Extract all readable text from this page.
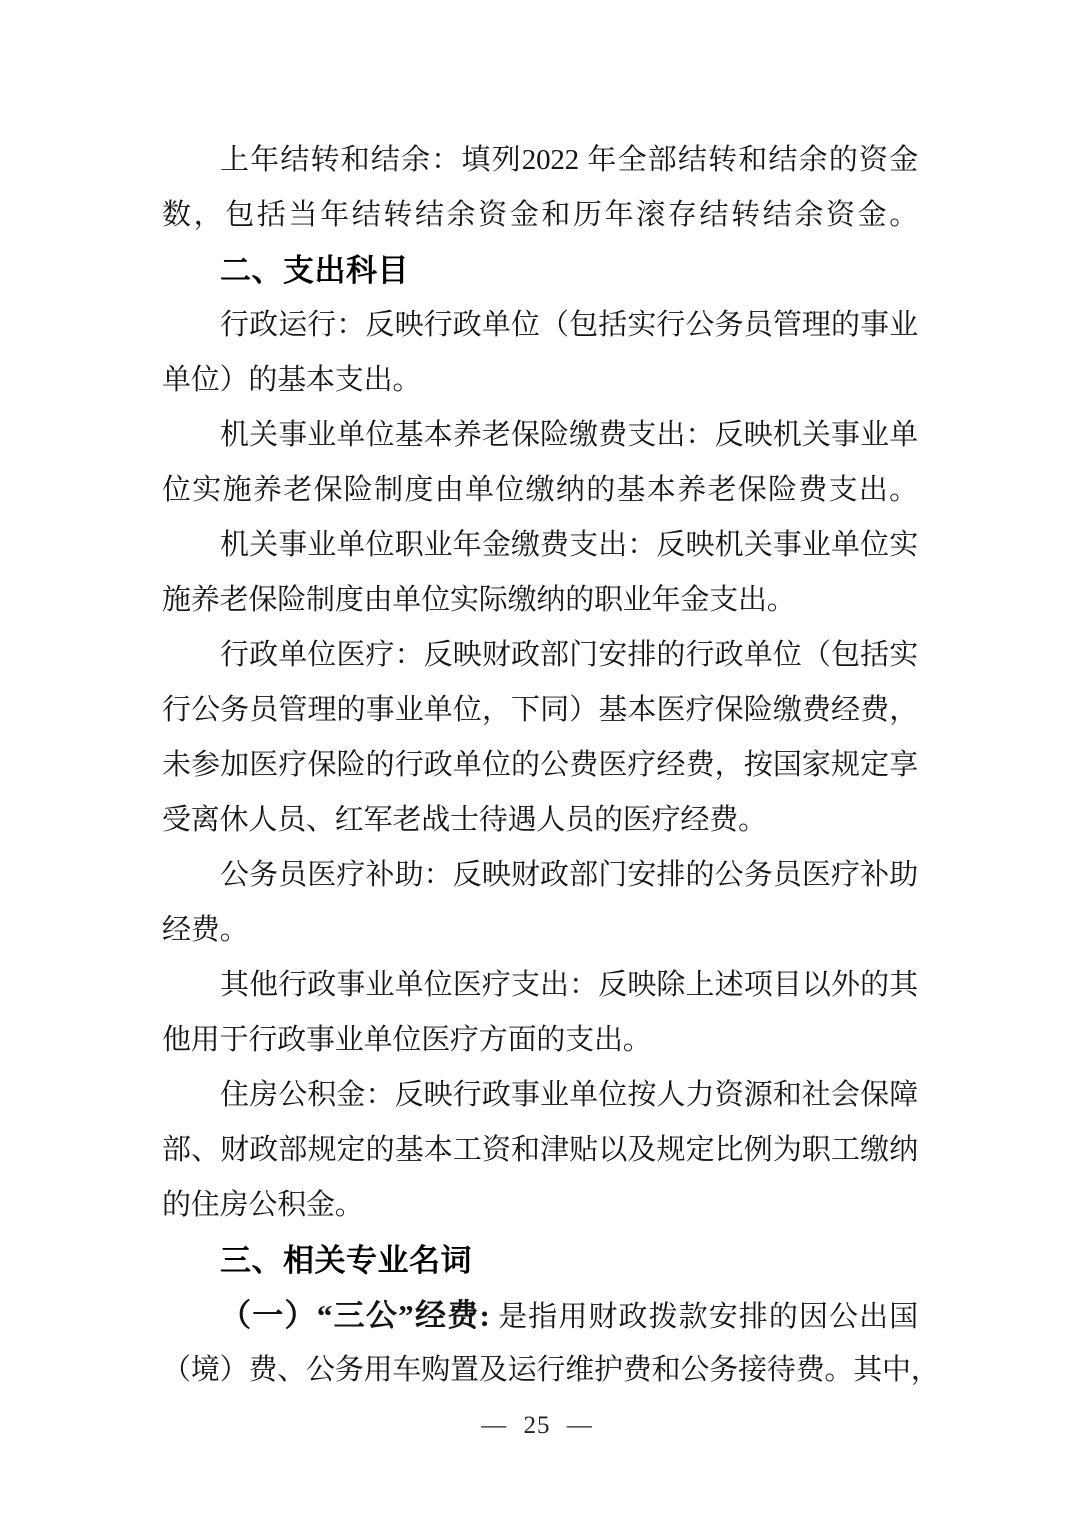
上年结转和结余：填列2022 年全部结转和结余的资金
数，包括当年结转结余资金和历年滚存结转结余资金。
二、支出科目
行政运行：反映行政单位（包括实行公务员管理的事业
单位）的基本支出。
机关事业单位基本养老保险缴费支出：反映机关事业单
位实施养老保险制度由单位缴纳的基本养老保险费支出。
机关事业单位职业年金缴费支出：反映机关事业单位实
施养老保险制度由单位实际缴纳的职业年金支出。
行政单位医疗：反映财政部门安排的行政单位（包括实
行公务员管理的事业单位，下同）基本医疗保险缴费经费，
未参加医疗保险的行政单位的公费医疗经费，按国家规定享
受离休人员、红军老战士待遇人员的医疗经费。
公务员医疗补助：反映财政部门安排的公务员医疗补助
经费。
其他行政事业单位医疗支出：反映除上述项目以外的其
他用于行政事业单位医疗方面的支出。
住房公积金：反映行政事业单位按人力资源和社会保障
部、财政部规定的基本工资和津贴以及规定比例为职工缴纳
的住房公积金。
三、相关专业名词
（一）“三公”经费: 是指用财政拨款安排的因公出国
（境）费、公务用车购置及运行维护费和公务接待费。其中，
— 25 —
